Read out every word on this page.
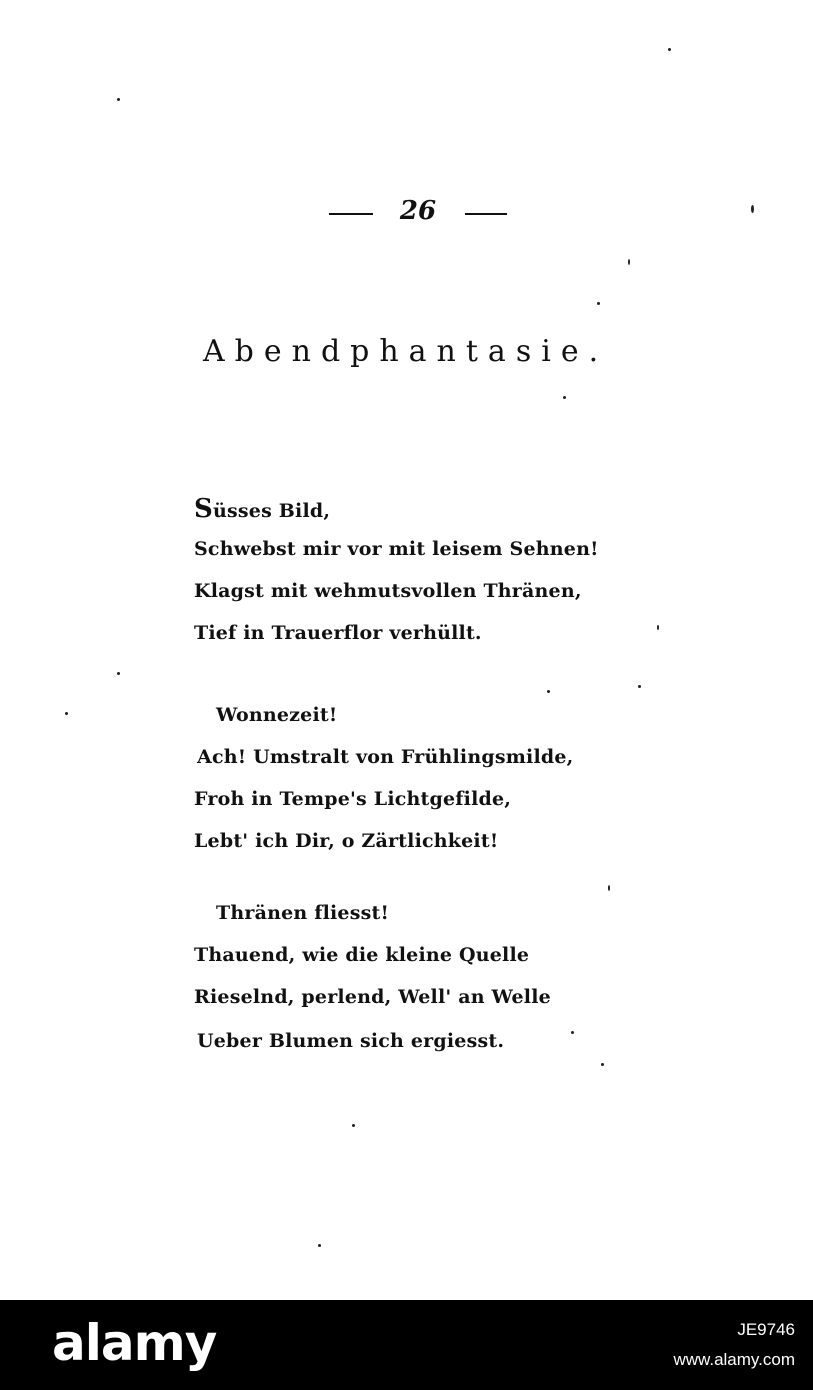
26
Abendphantasie.
Süsses Bild,
Schwebst mir vor mit leisem Sehnen!
Klagst mit wehmutsvollen Thränen,
Tief in Trauerflor verhüllt.
Wonnezeit!
Ach! Umstralt von Frühlingsmilde,
Froh in Tempe's Lichtgefilde,
Lebt' ich Dir, o Zärtlichkeit!
Thränen fliesst!
Thauend, wie die kleine Quelle
Rieselnd, perlend, Well' an Welle
Ueber Blumen sich ergiesst.
alamy	JE9746
www.alamy.com
